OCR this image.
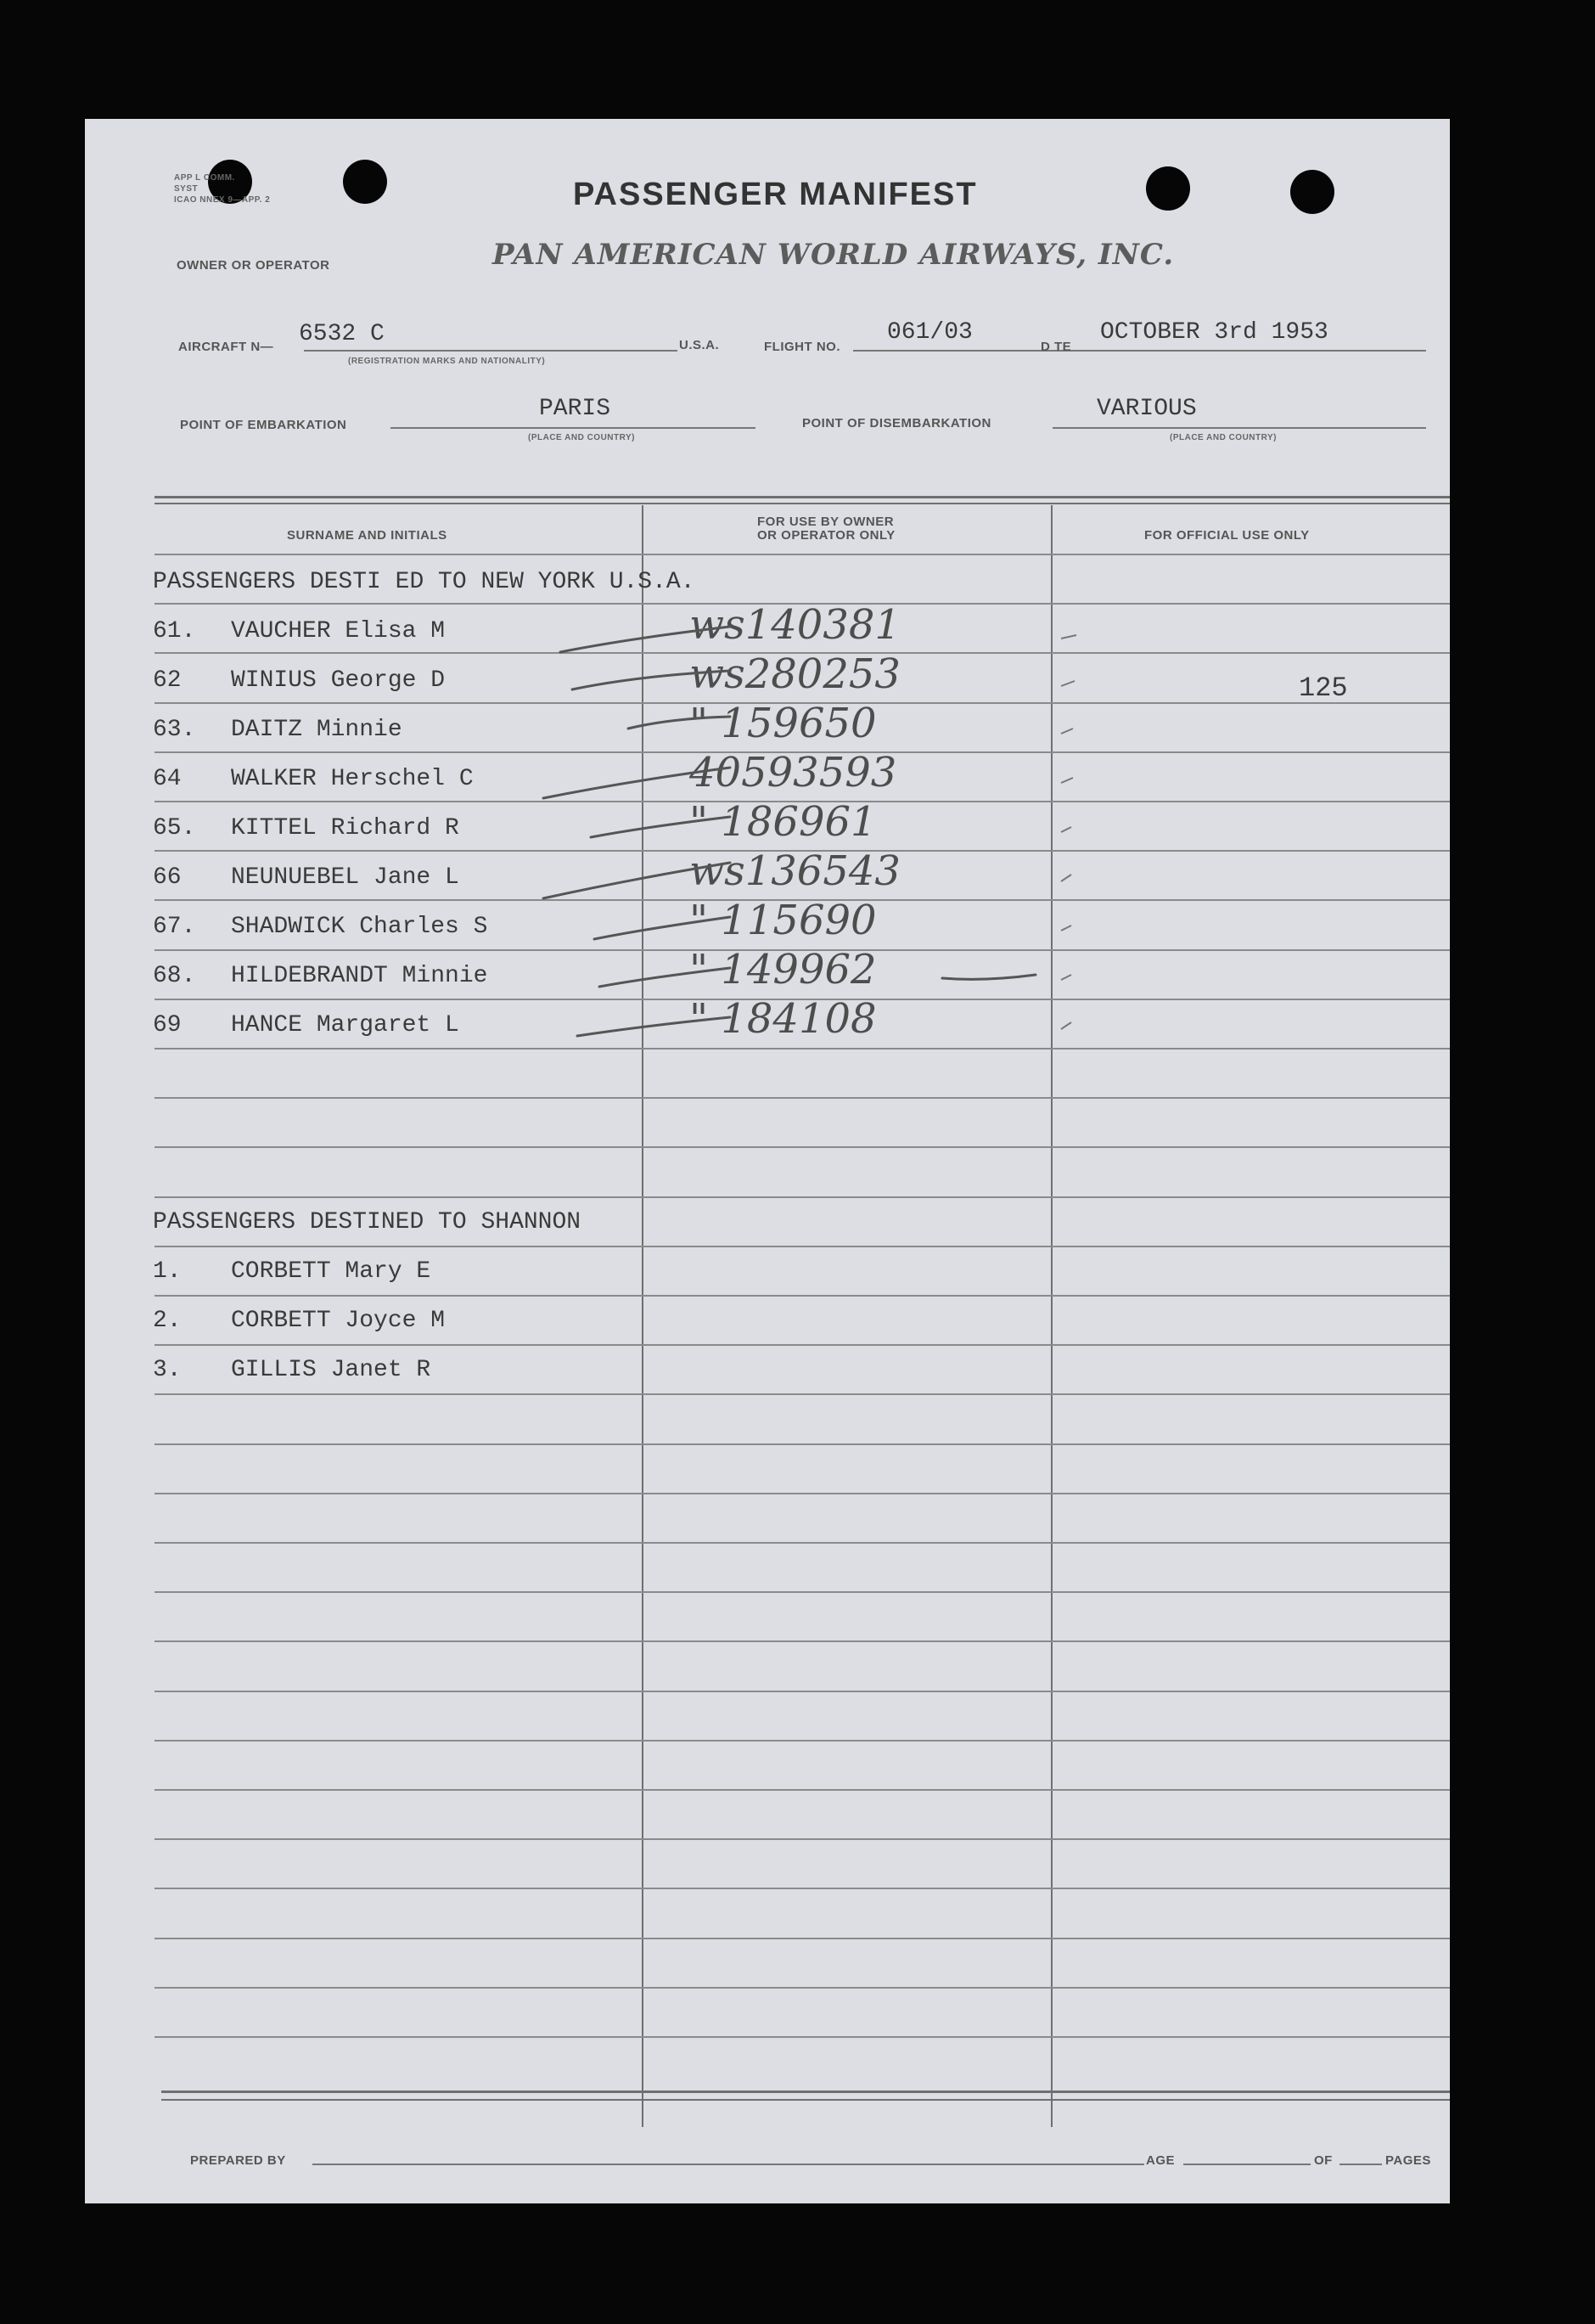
APP L COMM.
SYST
ICAO NNEX 9—APP. 2	PASSENGER MANIFEST
OWNER OR OPERATOR	PAN AMERICAN WORLD AIRWAYS, INC.
AIRCRAFT N— 6532 C
(REGISTRATION MARKS AND NATIONALITY)
U.S.A.	FLIGHT NO.
061/03
D TE
OCTOBER 3rd 1953
POINT OF EMBARKATION
PARIS
(PLACE AND COUNTRY)
POINT OF DISEMBARKATION
VARIOUS
(PLACE AND COUNTRY)
SURNAME AND INITIALS
FOR USE BY OWNER
OR OPERATOR ONLY	FOR OFFICIAL USE ONLY
PASSENGERS DESTI ED TO NEW YORK U.S.A.
61. VAUCHER Elisa M	ws140381
62 WINIUS George D	ws280253	125
63. DAITZ Minnie	" 159650
64 WALKER Herschel C	40593593
65. KITTEL Richard R	" 186961
66 NEUNUEBEL Jane L	ws136543
67. SHADWICK Charles S	" 115690
68. HILDEBRANDT Minnie	" 149962
69 HANCE Margaret L	" 184108
PASSENGERS DESTINED TO SHANNON
1. CORBETT Mary E
2. CORBETT Joyce M
3. GILLIS Janet R
PREPARED BY	AGE	OF	PAGES
